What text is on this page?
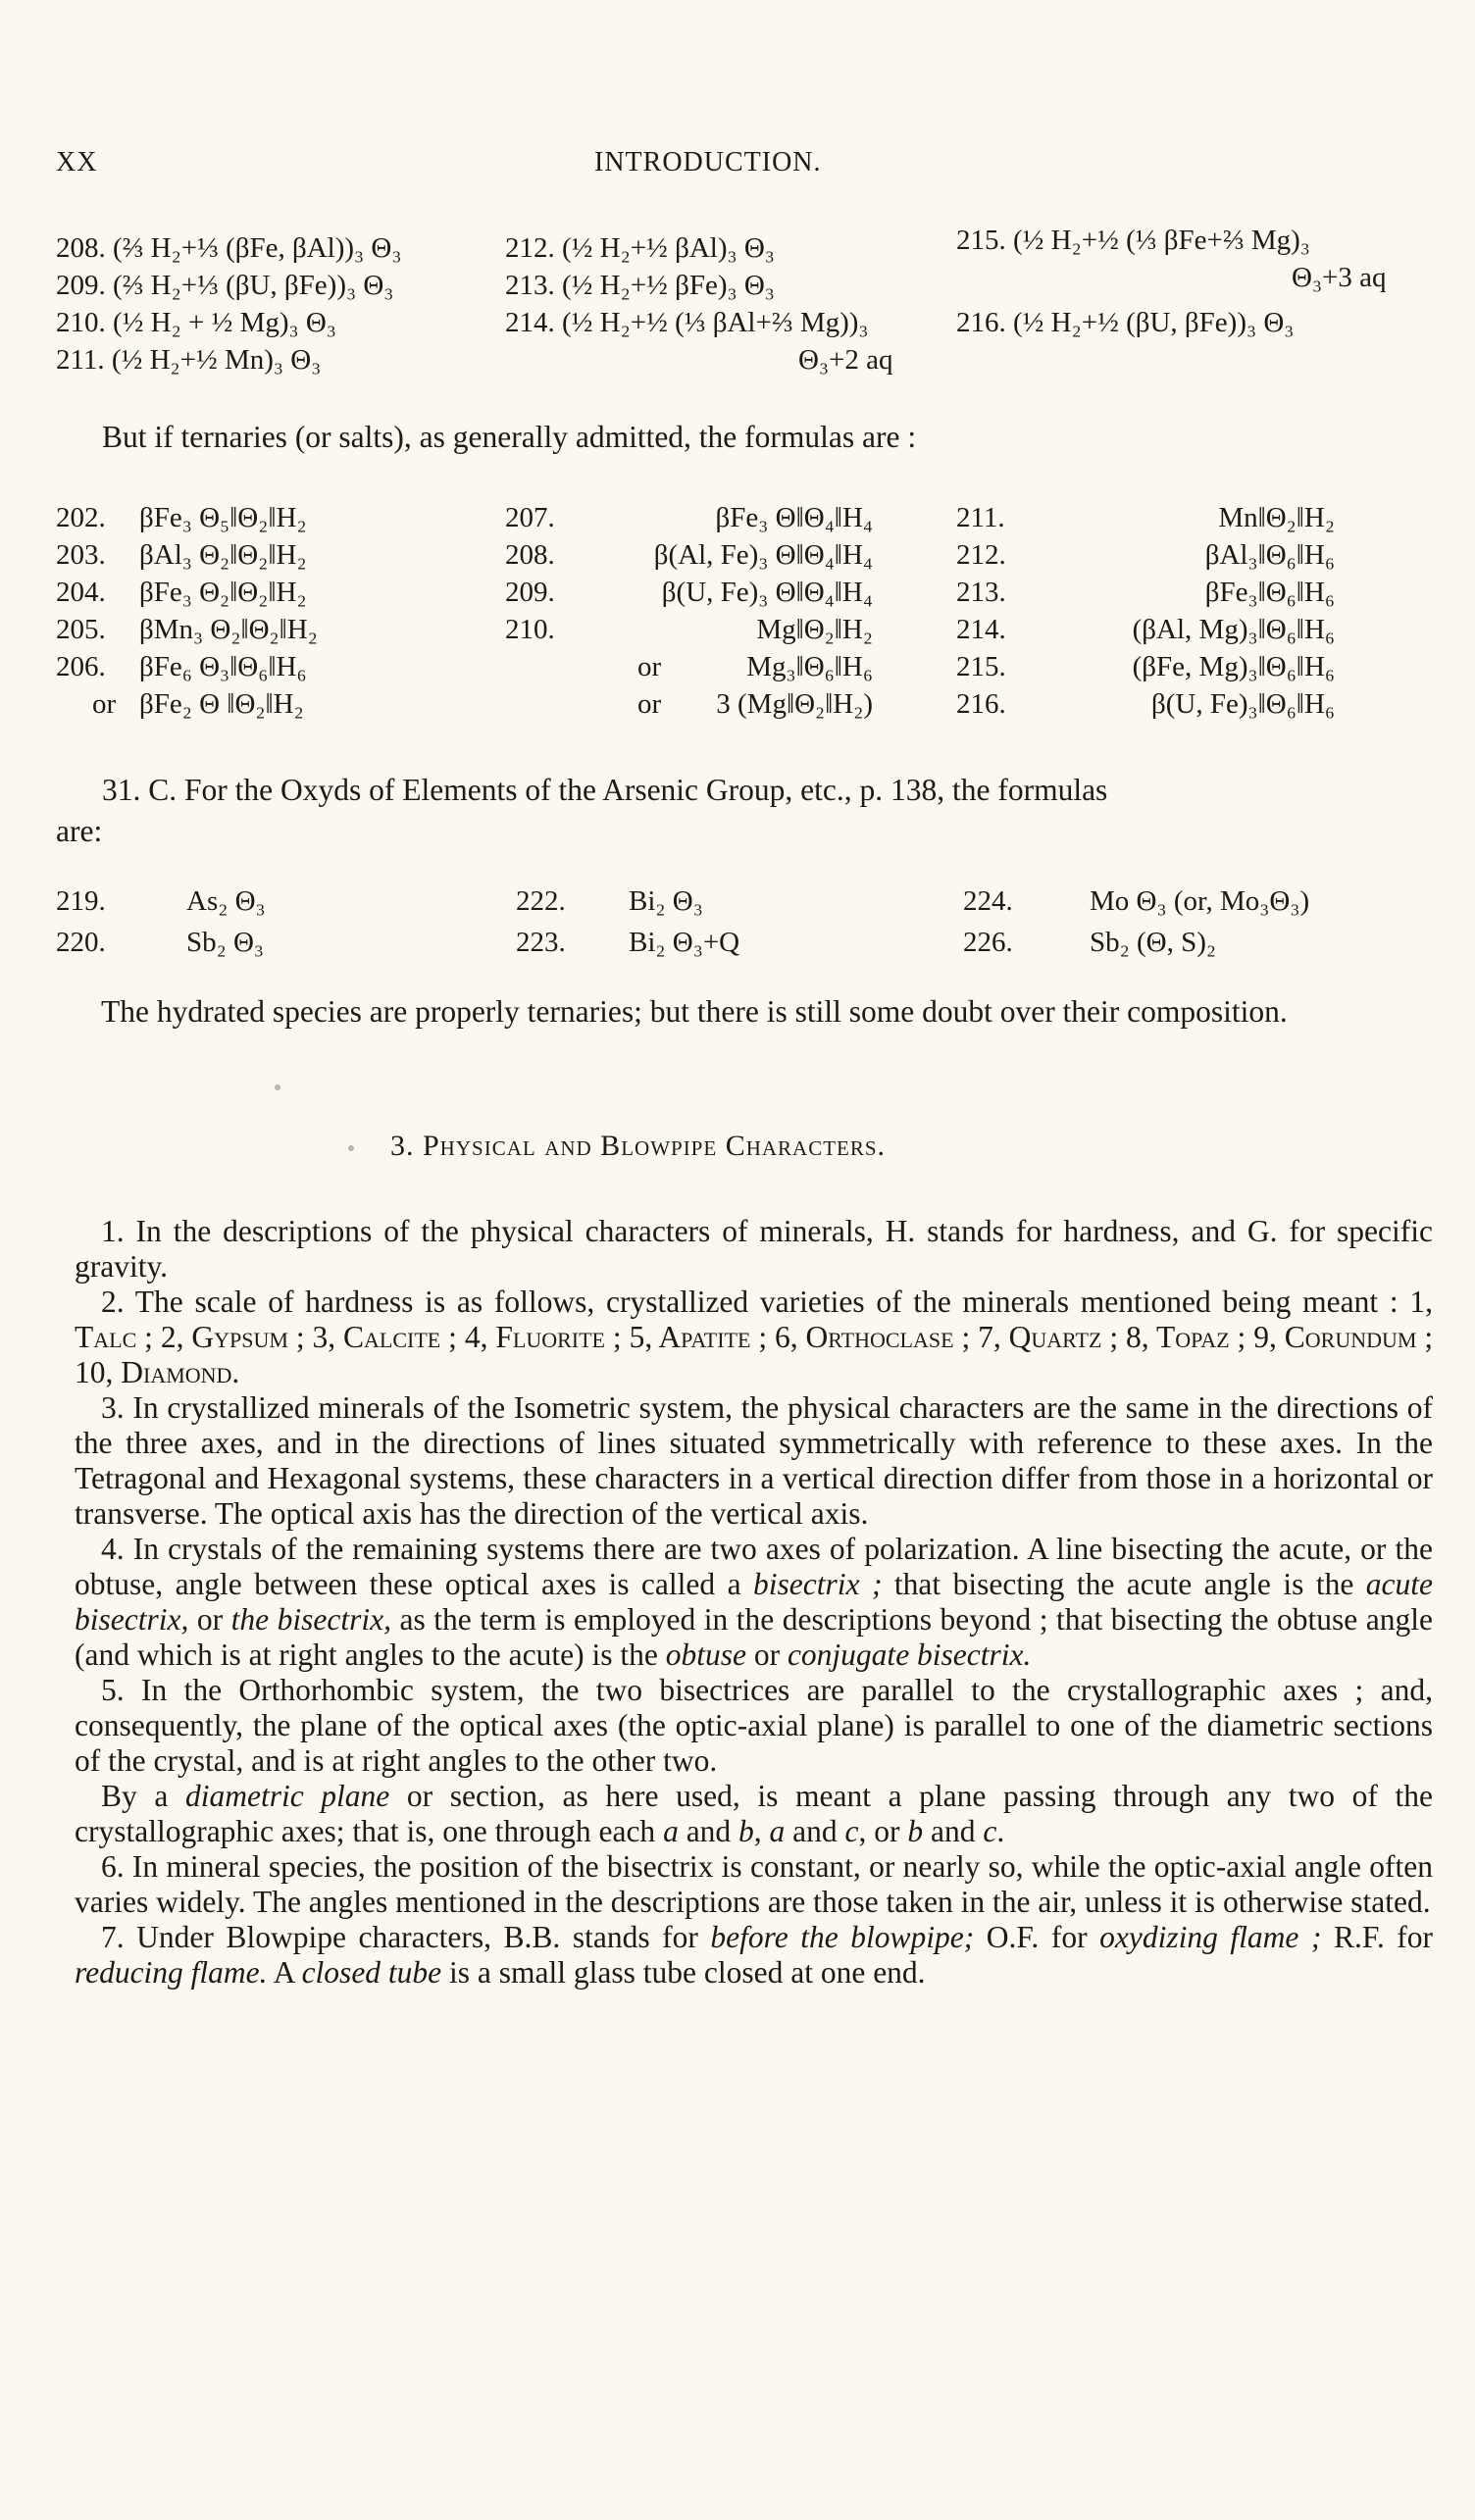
XX	INTRODUCTION.
208. (⅔ H₂+⅓ (βFe, βAl))₃ Θ₃
209. (⅔ H₂+⅓ (βU, βFe))₃ Θ₃
210. (½ H₂ + ½ Mg)₃ Θ₃
211. (½ H₂+½ Mn)₃ Θ₃
212. (½ H₂+½ βAl)₃ Θ₃
213. (½ H₂+½ βFe)₃ Θ₃
214. (½ H₂+½ (⅓ βAl+⅔ Mg))₃
Θ₃+2 aq
215. (½ H₂+½ (⅓ βFe+⅔ Mg)₃
Θ₃+3 aq
216. (½ H₂+½ (βU, βFe))₃ Θ₃
But if ternaries (or salts), as generally admitted, the formulas are :
202.
203.
204.
205.
206.
or
βFe₃ Θ₅‖Θ₂‖H₂
βAl₃ Θ₂‖Θ₂‖H₂
βFe₃ Θ₂‖Θ₂‖H₂
βMn₃ Θ₂‖Θ₂‖H₂
βFe₆ Θ₃‖Θ₆‖H₆
βFe₂ Θ ‖Θ₂‖H₂
207.
208.
209.
210.
or
or
βFe₃ Θ‖Θ₄‖H₄
β(Al, Fe)₃ Θ‖Θ₄‖H₄
β(U, Fe)₃ Θ‖Θ₄‖H₄
Mg‖Θ₂‖H₂
Mg₃‖Θ₆‖H₆
3 (Mg‖Θ₂‖H₂)
211.
212.
213.
214.
215.
216.
Mn‖Θ₂‖H₂
βAl₃‖Θ₆‖H₆
βFe₃‖Θ₆‖H₆
(βAl, Mg)₃‖Θ₆‖H₆
(βFe, Mg)₃‖Θ₆‖H₆
β(U, Fe)₃‖Θ₆‖H₆
31. C. For the Oxyds of Elements of the Arsenic Group, etc., p. 138, the formulas
are:
219.
220.
As₂ Θ₃
Sb₂ Θ₃
222.
223.
Bi₂ Θ₃
Bi₂ Θ₃+Q
224.
226.
Mo Θ₃ (or, Mo₃Θ₃)
Sb₂ (Θ, S)₂

The hydrated species are properly ternaries; but there is still some doubt over their composition.

3. Physical and Blowpipe Characters.

1. In the descriptions of the physical characters of minerals, H. stands for hardness, and G. for specific gravity.

2. The scale of hardness is as follows, crystallized varieties of the minerals mentioned being meant : 1, Talc ; 2, Gypsum ; 3, Calcite ; 4, Fluorite ; 5, Apatite ; 6, Orthoclase ; 7, Quartz ; 8, Topaz ; 9, Corundum ; 10, Diamond.

3. In crystallized minerals of the Isometric system, the physical characters are the same in the directions of the three axes, and in the directions of lines situated symmetrically with reference to these axes. In the Tetragonal and Hexagonal systems, these characters in a vertical direction differ from those in a horizontal or transverse. The optical axis has the direction of the vertical axis.

4. In crystals of the remaining systems there are two axes of polarization. A line bisecting the acute, or the obtuse, angle between these optical axes is called a bisectrix ; that bisecting the acute angle is the acute bisectrix, or the bisectrix, as the term is employed in the descriptions beyond ; that bisecting the obtuse angle (and which is at right angles to the acute) is the obtuse or conjugate bisectrix.

5. In the Orthorhombic system, the two bisectrices are parallel to the crystallographic axes ; and, consequently, the plane of the optical axes (the optic-axial plane) is parallel to one of the diametric sections of the crystal, and is at right angles to the other two.

By a diametric plane or section, as here used, is meant a plane passing through any two of the crystallographic axes; that is, one through each a and b, a and c, or b and c.

6. In mineral species, the position of the bisectrix is constant, or nearly so, while the optic-axial angle often varies widely. The angles mentioned in the descriptions are those taken in the air, unless it is otherwise stated.

7. Under Blowpipe characters, B.B. stands for before the blowpipe; O.F. for oxydizing flame ; R.F. for reducing flame. A closed tube is a small glass tube closed at one end.
